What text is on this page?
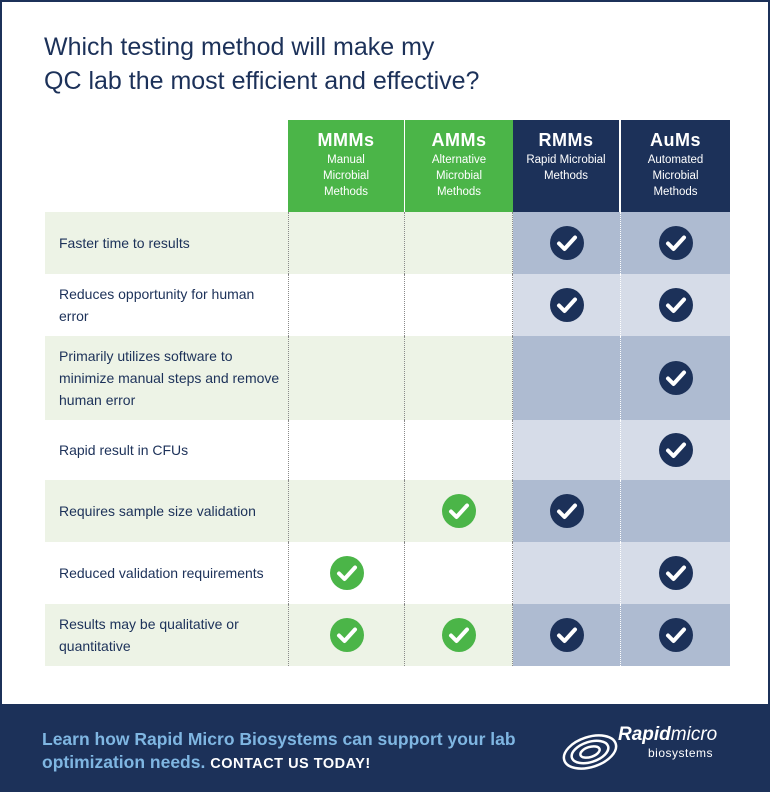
Which testing method will make my
QC lab the most efficient and effective?
MMMs
Manual Microbial Methods
AMMs
Alternative Microbial Methods
RMMs
Rapid Microbial Methods
AuMs
Automated Microbial Methods
Faster time to results
Reduces opportunity for human error
Primarily utilizes software to minimize manual steps and remove human error
Rapid result in CFUs
Requires sample size validation
Reduced validation requirements
Results may be qualitative or quantitative
Learn how Rapid Micro Biosystems can support your lab optimization needs. CONTACT US TODAY!
Rapidmicro
biosystems
